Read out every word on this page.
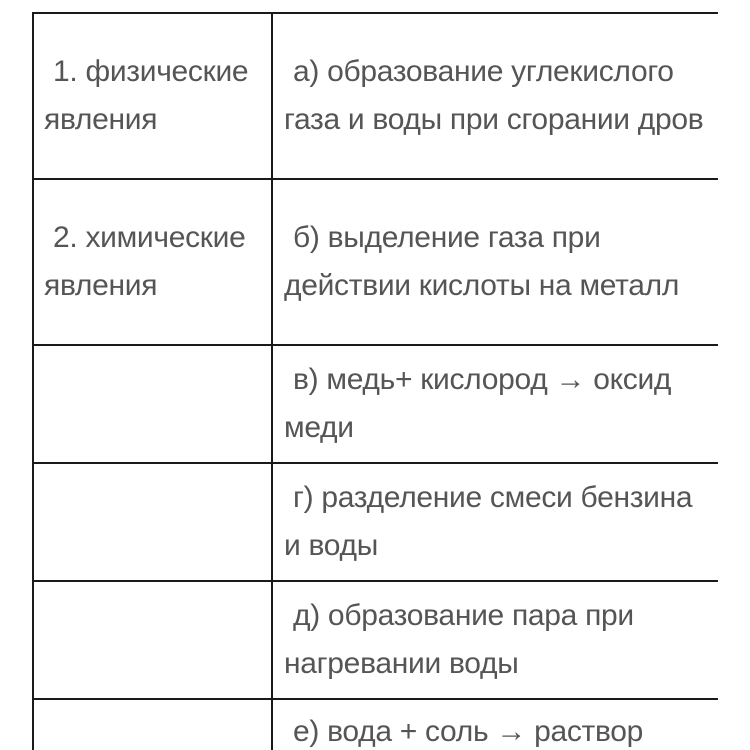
1. физические явления	а) образование углекислого газа и воды при сгорании дров
2. химические явления	б) выделение газа при действии кислоты на металл
	в) медь+ кислород → оксид меди
	г) разделение смеси бензина и воды
	д) образование пара при нагревании воды
	е) вода + соль → раствор
